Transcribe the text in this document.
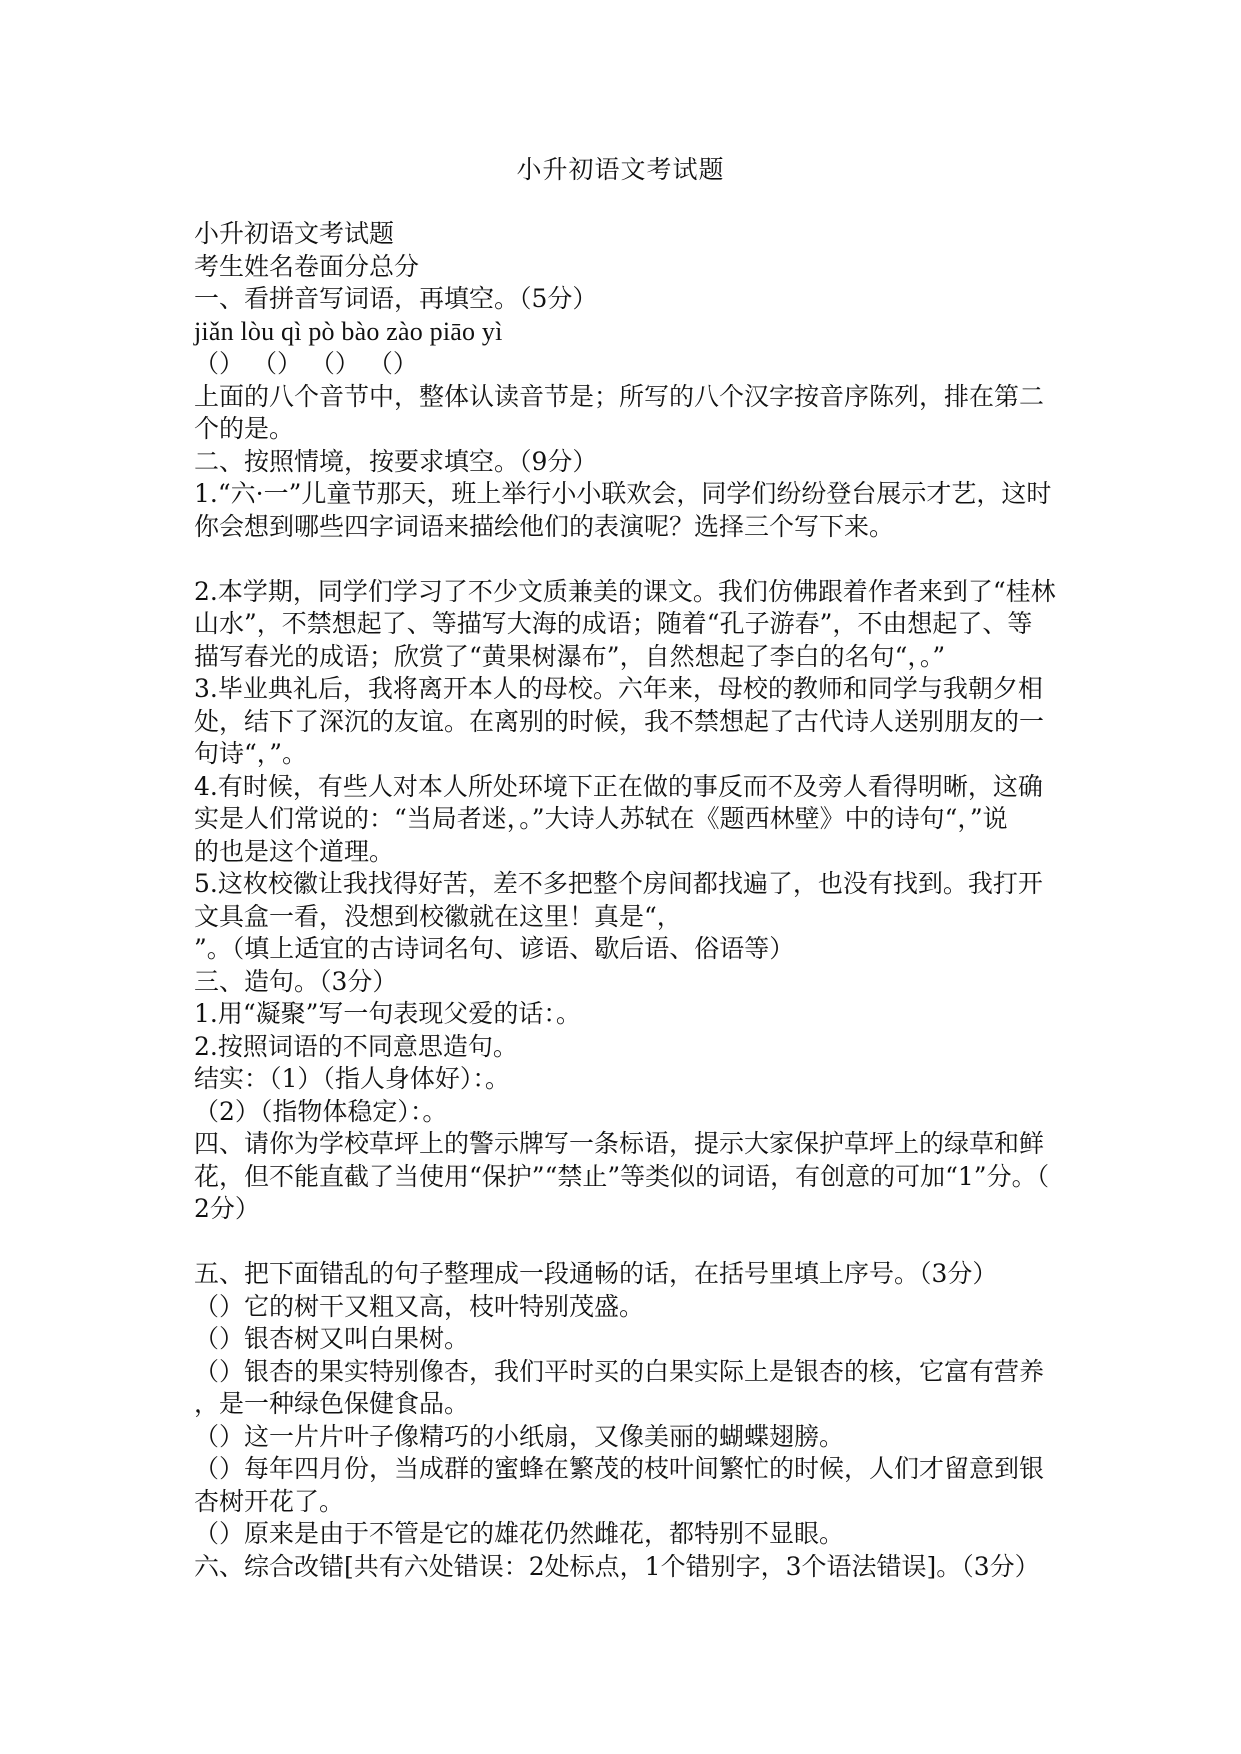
小升初语文考试题
小升初语文考试题
考生姓名卷面分总分
一、看拼音写词语，再填空。（5分）
jiǎn lòu qì pò bào zào piāo yì
（） （） （） （）
上面的八个音节中，整体认读音节是；所写的八个汉字按音序陈列，排在第二
个的是。
二、按照情境，按要求填空。（9分）
1.“六·一”儿童节那天，班上举行小小联欢会，同学们纷纷登台展示才艺，这时
你会想到哪些四字词语来描绘他们的表演呢？选择三个写下来。
2.本学期，同学们学习了不少文质兼美的课文。我们仿佛跟着作者来到了“桂林
山水”，不禁想起了、等描写大海的成语；随着“孔子游春”，不由想起了、等
描写春光的成语；欣赏了“黄果树瀑布”，自然想起了李白的名句“，。”
3.毕业典礼后，我将离开本人的母校。六年来，母校的教师和同学与我朝夕相
处，结下了深沉的友谊。在离别的时候，我不禁想起了古代诗人送别朋友的一
句诗“，”。
4.有时候，有些人对本人所处环境下正在做的事反而不及旁人看得明晰，这确
实是人们常说的：“当局者迷，。”大诗人苏轼在《题西林壁》中的诗句“，”说
的也是这个道理。
5.这枚校徽让我找得好苦，差不多把整个房间都找遍了，也没有找到。我打开
文具盒一看，没想到校徽就在这里！真是“，
”。（填上适宜的古诗词名句、谚语、歇后语、俗语等）
三、造句。（3分）
1.用“凝聚”写一句表现父爱的话：。
2.按照词语的不同意思造句。
结实：（1）（指人身体好）：。
（2）（指物体稳定）：。
四、请你为学校草坪上的警示牌写一条标语，提示大家保护草坪上的绿草和鲜
花，但不能直截了当使用“保护”“禁止”等类似的词语，有创意的可加“1”分。（
2分）
五、把下面错乱的句子整理成一段通畅的话，在括号里填上序号。（3分）
（）它的树干又粗又高，枝叶特别茂盛。
（）银杏树又叫白果树。
（）银杏的果实特别像杏，我们平时买的白果实际上是银杏的核，它富有营养
，是一种绿色保健食品。
（）这一片片叶子像精巧的小纸扇，又像美丽的蝴蝶翅膀。
（）每年四月份，当成群的蜜蜂在繁茂的枝叶间繁忙的时候，人们才留意到银
杏树开花了。
（）原来是由于不管是它的雄花仍然雌花，都特别不显眼。
六、综合改错[共有六处错误：2处标点，1个错别字，3个语法错误]。（3分）
